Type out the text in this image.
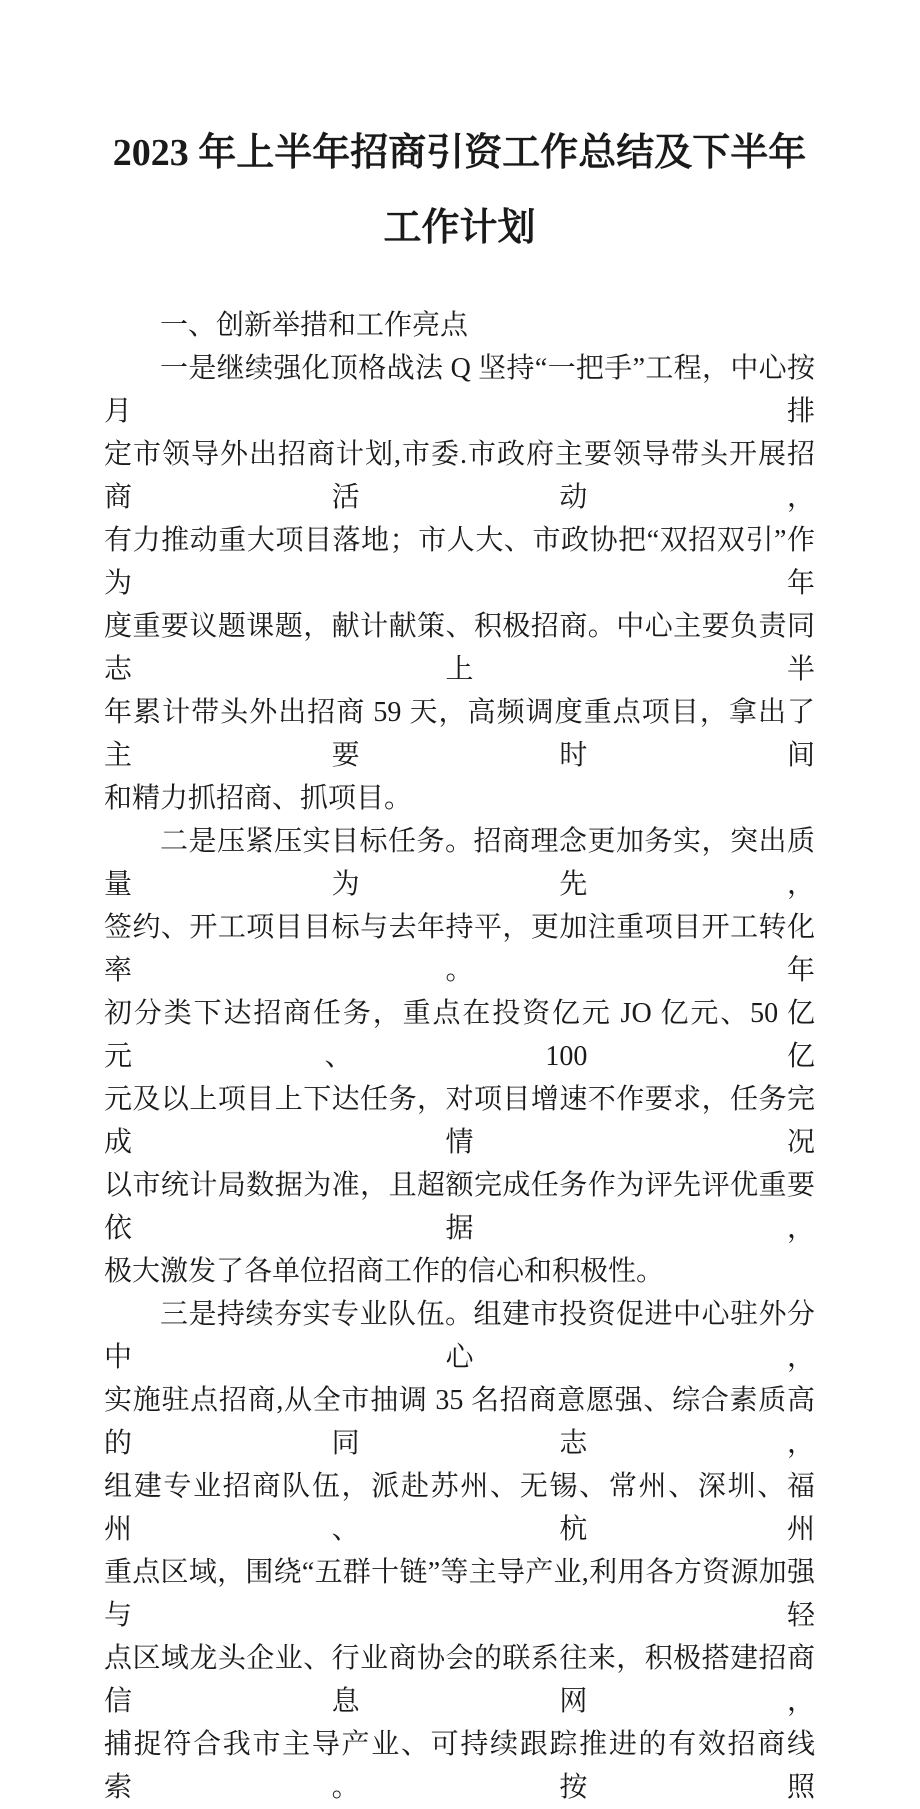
2023 年上半年招商引资工作总结及下半年
工作计划
一、创新举措和工作亮点
一是继续强化顶格战法 Q 坚持“一把手”工程，中心按月排
定市领导外出招商计划,市委.市政府主要领导带头开展招商活动，
有力推动重大项目落地；市人大、市政协把“双招双引”作为年
度重要议题课题，献计献策、积极招商。中心主要负责同志上半
年累计带头外出招商 59 天，高频调度重点项目，拿出了主要时间
和精力抓招商、抓项目。
二是压紧压实目标任务。招商理念更加务实，突出质量为先，
签约、开工项目目标与去年持平，更加注重项目开工转化率。年
初分类下达招商任务，重点在投资亿元 JO 亿元、50 亿元、100 亿
元及以上项目上下达任务，对项目增速不作要求，任务完成情况
以市统计局数据为准，且超额完成任务作为评先评优重要依据，
极大激发了各单位招商工作的信心和积极性。
三是持续夯实专业队伍。组建市投资促进中心驻外分中心，
实施驻点招商,从全市抽调 35 名招商意愿强、综合素质高的同志，
组建专业招商队伍，派赴苏州、无锡、常州、深圳、福州、杭州
重点区域，围绕“五群十链”等主导产业,利用各方资源加强与轻
点区域龙头企业、行业商协会的联系往来，积极搭建招商信息网，
捕捉符合我市主导产业、可持续跟踪推进的有效招商线索。按照
